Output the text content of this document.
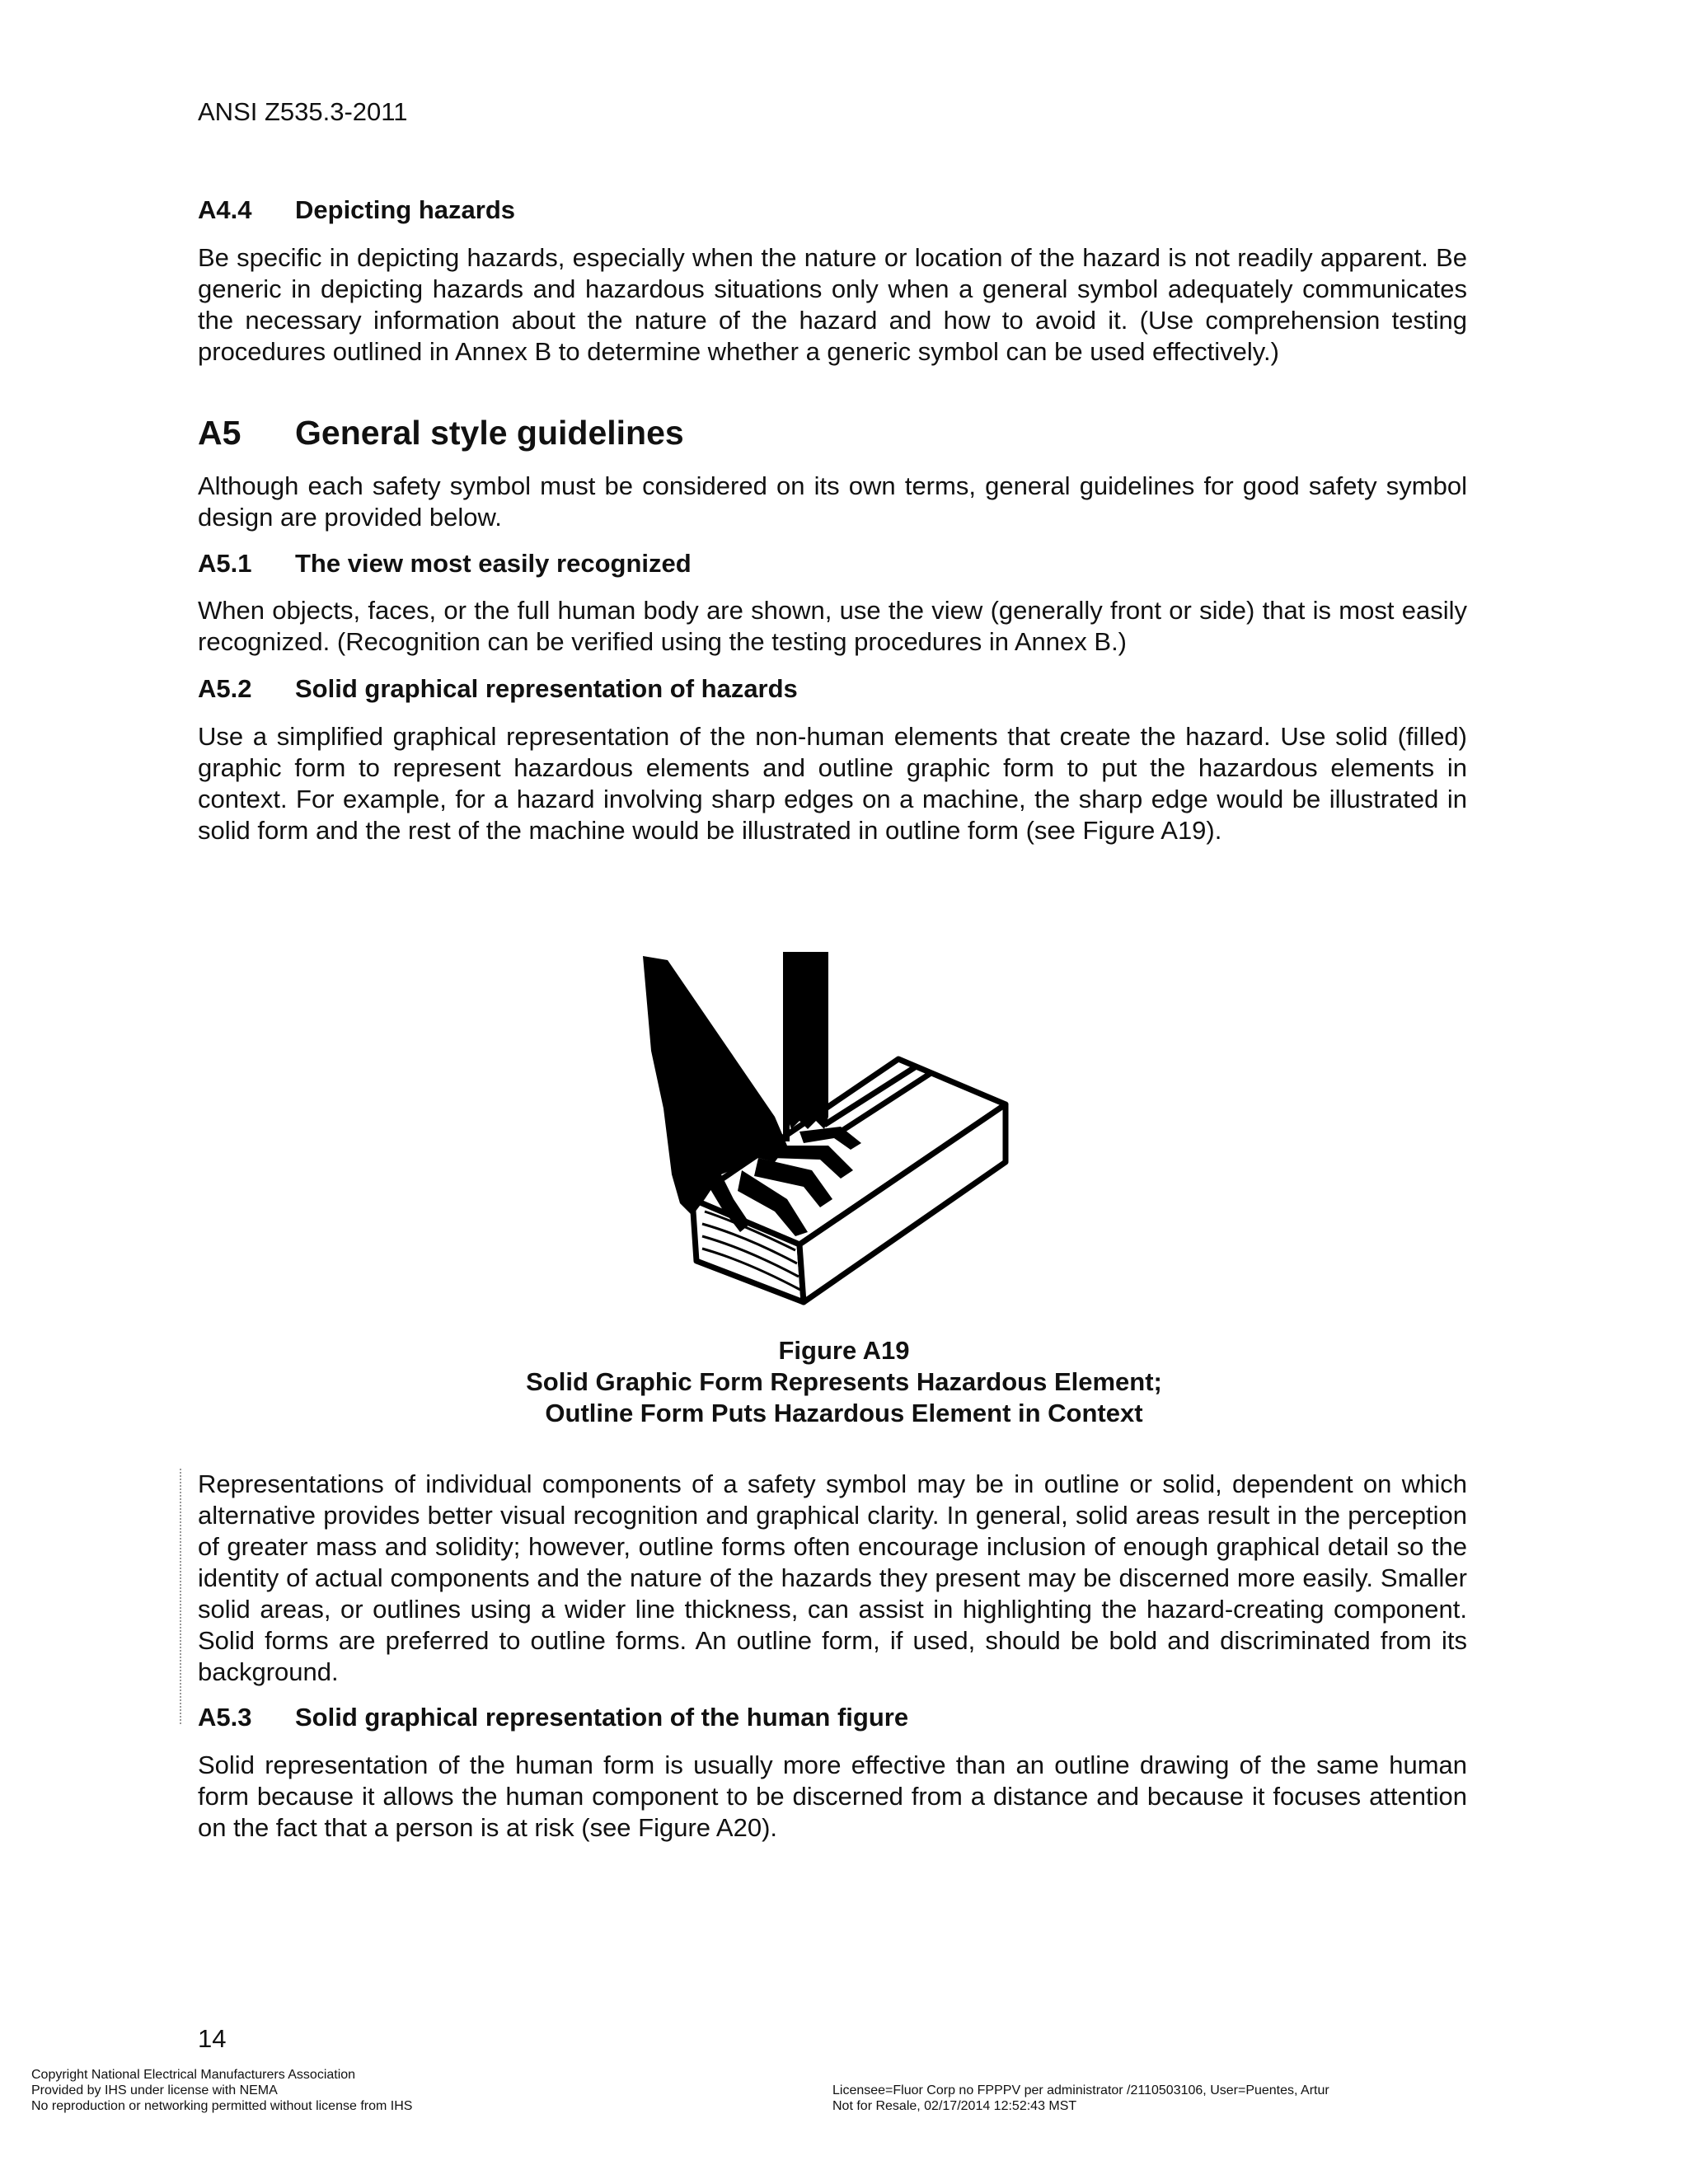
ANSI Z535.3-2011
A4.4 Depicting hazards
Be specific in depicting hazards, especially when the nature or location of the hazard is not readily apparent. Be generic in depicting hazards and hazardous situations only when a general symbol adequately communicates the necessary information about the nature of the hazard and how to avoid it. (Use comprehension testing procedures outlined in Annex B to determine whether a generic symbol can be used effectively.)
A5 General style guidelines
Although each safety symbol must be considered on its own terms, general guidelines for good safety symbol design are provided below.
A5.1 The view most easily recognized
When objects, faces, or the full human body are shown, use the view (generally front or side) that is most easily recognized. (Recognition can be verified using the testing procedures in Annex B.)
A5.2 Solid graphical representation of hazards
Use a simplified graphical representation of the non-human elements that create the hazard. Use solid (filled) graphic form to represent hazardous elements and outline graphic form to put the hazardous elements in context. For example, for a hazard involving sharp edges on a machine, the sharp edge would be illustrated in solid form and the rest of the machine would be illustrated in outline form (see Figure A19).
Figure A19
Solid Graphic Form Represents Hazardous Element;
Outline Form Puts Hazardous Element in Context
Representations of individual components of a safety symbol may be in outline or solid, dependent on which alternative provides better visual recognition and graphical clarity. In general, solid areas result in the perception of greater mass and solidity; however, outline forms often encourage inclusion of enough graphical detail so the identity of actual components and the nature of the hazards they present may be discerned more easily. Smaller solid areas, or outlines using a wider line thickness, can assist in highlighting the hazard-creating component. Solid forms are preferred to outline forms. An outline form, if used, should be bold and discriminated from its background.
A5.3 Solid graphical representation of the human figure
Solid representation of the human form is usually more effective than an outline drawing of the same human form because it allows the human component to be discerned from a distance and because it focuses attention on the fact that a person is at risk (see Figure A20).
14
Copyright National Electrical Manufacturers Association
Provided by IHS under license with NEMA
No reproduction or networking permitted without license from IHS
Licensee=Fluor Corp no FPPPV per administrator /2110503106, User=Puentes, Artur
Not for Resale, 02/17/2014 12:52:43 MST
